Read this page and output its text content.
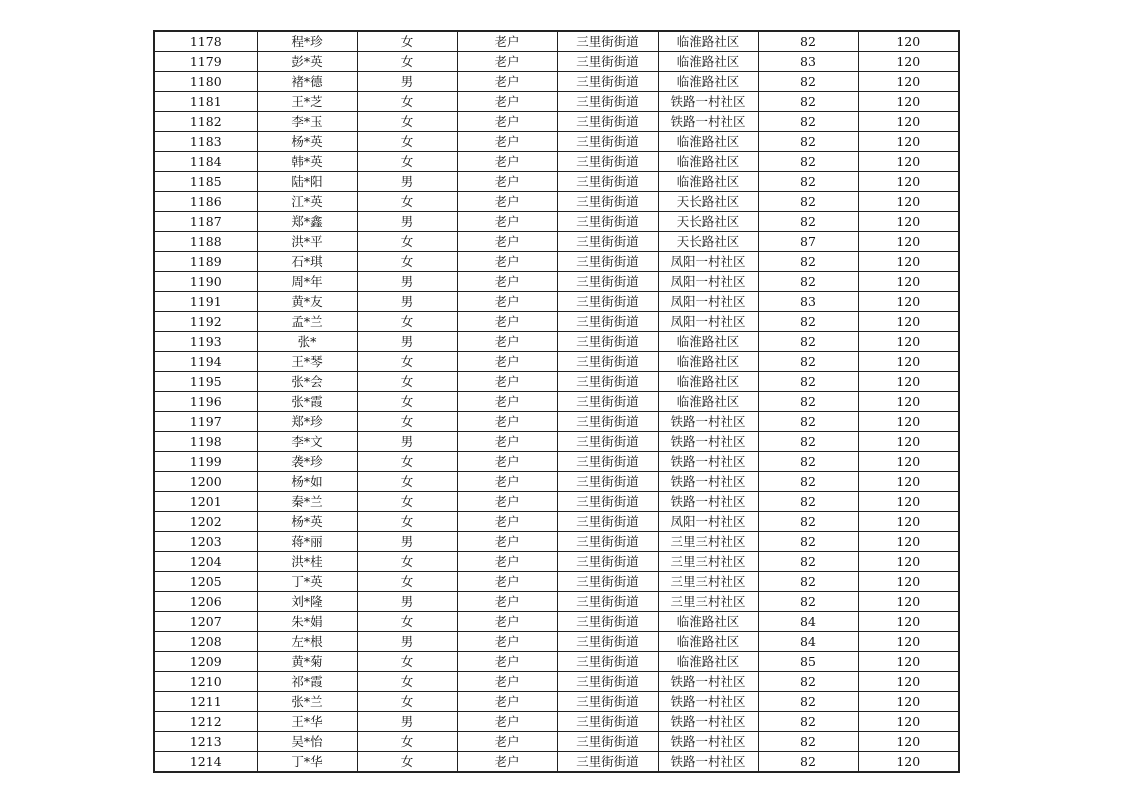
1178	程*珍	女	老户	三里街街道	临淮路社区	82	120
1179	彭*英	女	老户	三里街街道	临淮路社区	83	120
1180	褚*德	男	老户	三里街街道	临淮路社区	82	120
1181	王*芝	女	老户	三里街街道	铁路一村社区	82	120
1182	李*玉	女	老户	三里街街道	铁路一村社区	82	120
1183	杨*英	女	老户	三里街街道	临淮路社区	82	120
1184	韩*英	女	老户	三里街街道	临淮路社区	82	120
1185	陆*阳	男	老户	三里街街道	临淮路社区	82	120
1186	江*英	女	老户	三里街街道	天长路社区	82	120
1187	郑*鑫	男	老户	三里街街道	天长路社区	82	120
1188	洪*平	女	老户	三里街街道	天长路社区	87	120
1189	石*琪	女	老户	三里街街道	凤阳一村社区	82	120
1190	周*年	男	老户	三里街街道	凤阳一村社区	82	120
1191	黄*友	男	老户	三里街街道	凤阳一村社区	83	120
1192	孟*兰	女	老户	三里街街道	凤阳一村社区	82	120
1193	张*	男	老户	三里街街道	临淮路社区	82	120
1194	王*琴	女	老户	三里街街道	临淮路社区	82	120
1195	张*会	女	老户	三里街街道	临淮路社区	82	120
1196	张*霞	女	老户	三里街街道	临淮路社区	82	120
1197	郑*珍	女	老户	三里街街道	铁路一村社区	82	120
1198	李*文	男	老户	三里街街道	铁路一村社区	82	120
1199	袭*珍	女	老户	三里街街道	铁路一村社区	82	120
1200	杨*如	女	老户	三里街街道	铁路一村社区	82	120
1201	秦*兰	女	老户	三里街街道	铁路一村社区	82	120
1202	杨*英	女	老户	三里街街道	凤阳一村社区	82	120
1203	蒋*丽	男	老户	三里街街道	三里三村社区	82	120
1204	洪*桂	女	老户	三里街街道	三里三村社区	82	120
1205	丁*英	女	老户	三里街街道	三里三村社区	82	120
1206	刘*隆	男	老户	三里街街道	三里三村社区	82	120
1207	朱*娟	女	老户	三里街街道	临淮路社区	84	120
1208	左*根	男	老户	三里街街道	临淮路社区	84	120
1209	黄*菊	女	老户	三里街街道	临淮路社区	85	120
1210	祁*霞	女	老户	三里街街道	铁路一村社区	82	120
1211	张*兰	女	老户	三里街街道	铁路一村社区	82	120
1212	王*华	男	老户	三里街街道	铁路一村社区	82	120
1213	吴*怡	女	老户	三里街街道	铁路一村社区	82	120
1214	丁*华	女	老户	三里街街道	铁路一村社区	82	120
